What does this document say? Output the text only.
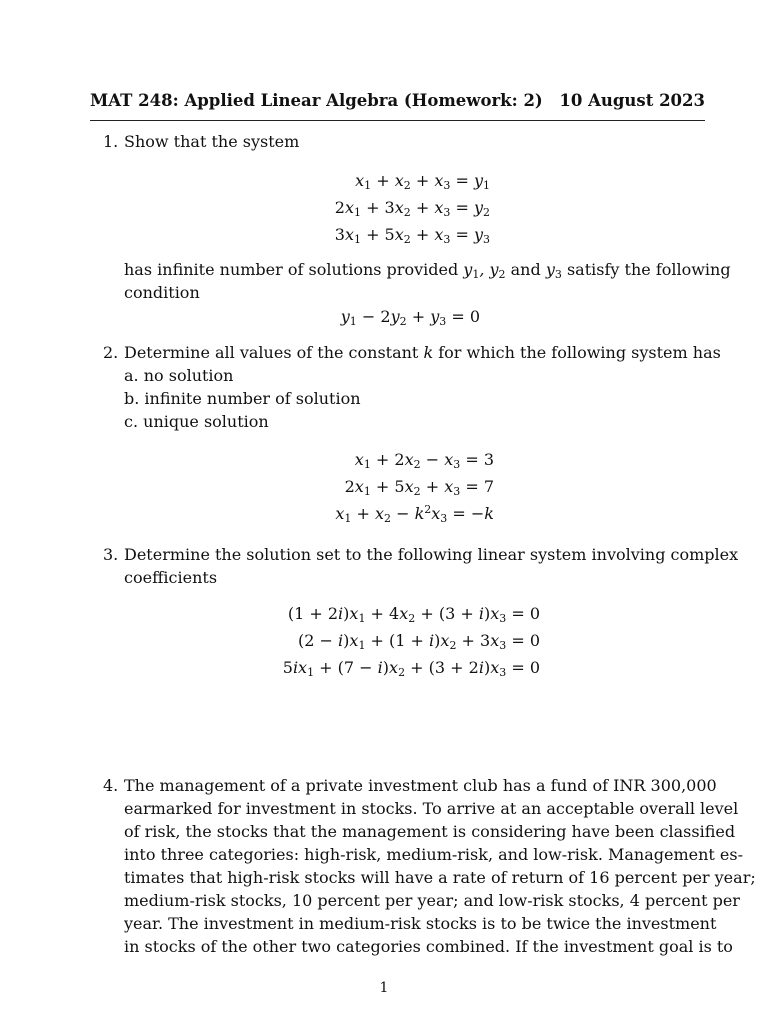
MAT 248: Applied Linear Algebra (Homework: 2) 10 August 2023
1. Show that the system
$x_1 + x_2 + x_3 = y_1$
$2x_1 + 3x_2 + x_3 = y_2$
$3x_1 + 5x_2 + x_3 = y_3$
has infinite number of solutions provided $y_1$, $y_2$ and $y_3$ satisfy the following
condition
$y_1 - 2y_2 + y_3 = 0$
2. Determine all values of the constant k for which the following system has
a. no solution
b. infinite number of solution
c. unique solution
$x_1 + 2x_2 - x_3 = 3$
$2x_1 + 5x_2 + x_3 = 7$
$x_1 + x_2 - k^2x_3 = -k$
3. Determine the solution set to the following linear system involving complex
coefficients
$(1 + 2i)x_1 + 4x_2 + (3 + i)x_3 = 0$
$(2 - i)x_1 + (1 + i)x_2 + 3x_3 = 0$
$5ix_1 + (7 - i)x_2 + (3 + 2i)x_3 = 0$
4. The management of a private investment club has a fund of INR 300,000
earmarked for investment in stocks. To arrive at an acceptable overall level
of risk, the stocks that the management is considering have been classified
into three categories: high-risk, medium-risk, and low-risk. Management es-
timates that high-risk stocks will have a rate of return of 16 percent per year;
medium-risk stocks, 10 percent per year; and low-risk stocks, 4 percent per
year. The investment in medium-risk stocks is to be twice the investment
in stocks of the other two categories combined. If the investment goal is to
1
